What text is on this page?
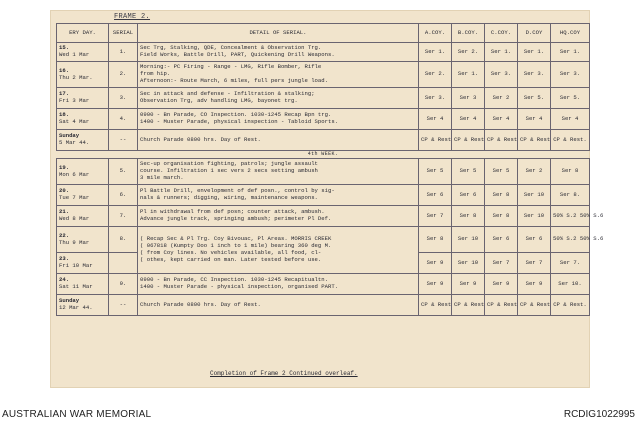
FRAME 2.
ERY DAY.	SERIAL	DETAIL OF SERIAL.	A.COY.	B.COY.	C.COY.	D.COY	HQ.COY

15.
Wed 1 Mar	1.	Sec Trg, Stalking, QDE, Concealment & Observation Trg.
Field Works, Battle Drill, PART, Quickening Drill Weapons.	Ser 1.	Ser 2.	Ser 1.	Ser 1.	Ser 1.

16.
Thu 2 Mar.	2.	Morning:- PC Firing - Range - LMG, Rifle Bomber, Rifle
from hip.
Afternoon:- Route March, 6 miles, full pers jungle load.	Ser 2.	Ser 1.	Ser 3.	Ser 3.	Ser 3.

17.
Fri 3 Mar	3.	Sec in attack and defense - Infiltration & stalking;
Observation Trg, adv handling LMG, bayonet trg.	Ser 3.	Ser 3	Ser 2	Ser 5.	Ser 5.

18.
Sat 4 Mar	4.	0900 - Bn Parade, CO Inspection. 1030-1245 Recap Bpn trg.
1400 - Muster Parade, physical inspection - Tabloid Sports.	Ser 4	Ser 4	Ser 4	Ser 4	Ser 4

Sunday
5 Mar 44.	--	Church Parade 0800 hrs. Day of Rest.	CP & Rest	CP & Rest	CP & Rest	CP & Rest	CP & Rest.
4th WEEK.							

19.
Mon 6 Mar	5.	Sec-up organisation fighting, patrols; jungle assault
course. Infiltration 1 sec vers 2 secs setting ambush
3 mile march.	Ser 5	Ser 5	Ser 5	Ser 2	Ser 8

20.
Tue 7 Mar	6.	Pl Battle Drill, envelopment of def posn., control by sig-
nals & runners; digging, wiring, maintenance weapons.	Ser 6	Ser 6	Ser 8	Ser 10	Ser 8.

21.
Wed 8 Mar	7.	Pl in withdrawal from def posn; counter attack, ambush.
Advance jungle track, springing ambush; perimeter Pl Def.	Ser 7	Ser 8	Ser 8	Ser 10	50% S.2 50% S.6

22.
Thu 9 Mar	8.	( Recap Sec & Pl Trg. Coy Bivouac, Pl Areas. MORRIS CREEK
( 067818 (Kumpty Doo 1 inch to 1 mile) bearing 360 deg M.
( from Coy lines. No vehicles available, all food, cl-
( othes, kept carried on man. Later tested before use.	Ser 8	Ser 10	Ser 6	Ser 6	50% S.2 50% S.6

23.
Fri 10 Mar			Ser 9	Ser 10	Ser 7	Ser 7	Ser 7.

24.
Sat 11 Mar	9.	0900 - Bn Parade, CC Inspection. 1030-1245 Recapitualtn.
1400 - Muster Parade - physical inspection, organised PART.	Ser 9	Ser 9	Ser 9	Ser 9	Ser 10.

Sunday
12 Mar 44.	--	Church Parade 0800 hrs. Day of Rest.	CP & Rest	CP & Rest	CP & Rest	CP & Rest	CP & Rest.
Completion of Frame 2 Continued overleaf.
AUSTRALIAN WAR MEMORIAL	RCDIG1022995
